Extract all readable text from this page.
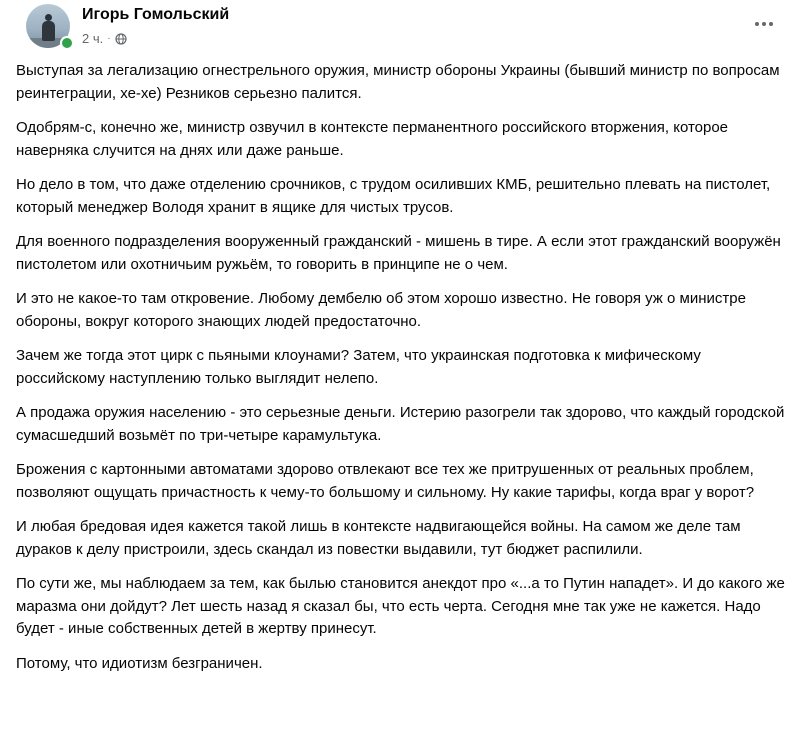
Игорь Гомольский
2 ч. ·

Выступая за легализацию огнестрельного оружия, министр обороны Украины (бывший министр по вопросам реинтеграции, хе-хе) Резников серьезно палится.

Одобрям-с, конечно же, министр озвучил в контексте перманентного российского вторжения, которое наверняка случится на днях или даже раньше.

Но дело в том, что даже отделению срочников, с трудом осиливших КМБ, решительно плевать на пистолет, который менеджер Володя хранит в ящике для чистых трусов.

Для военного подразделения вооруженный гражданский - мишень в тире. А если этот гражданский вооружён пистолетом или охотничьим ружьём, то говорить в принципе не о чем.

И это не какое-то там откровение. Любому дембелю об этом хорошо известно. Не говоря уж о министре обороны, вокруг которого знающих людей предостаточно.

Зачем же тогда этот цирк с пьяными клоунами? Затем, что украинская подготовка к мифическому российскому наступлению только выглядит нелепо.

А продажа оружия населению - это серьезные деньги. Истерию разогрели так здорово, что каждый городской сумасшедший возьмёт по три-четыре карамультука.

Брожения с картонными автоматами здорово отвлекают все тех же притрушенных от реальных проблем, позволяют ощущать причастность к чему-то большому и сильному. Ну какие тарифы, когда враг у ворот?

И любая бредовая идея кажется такой лишь в контексте надвигающейся войны. На самом же деле там дураков к делу пристроили, здесь скандал из повестки выдавили, тут бюджет распилили.

По сути же, мы наблюдаем за тем, как былью становится анекдот про «...а то Путин нападет». И до какого же маразма они дойдут? Лет шесть назад я сказал бы, что есть черта. Сегодня мне так уже не кажется. Надо будет - иные собственных детей в жертву принесут.

Потому, что идиотизм безграничен.
